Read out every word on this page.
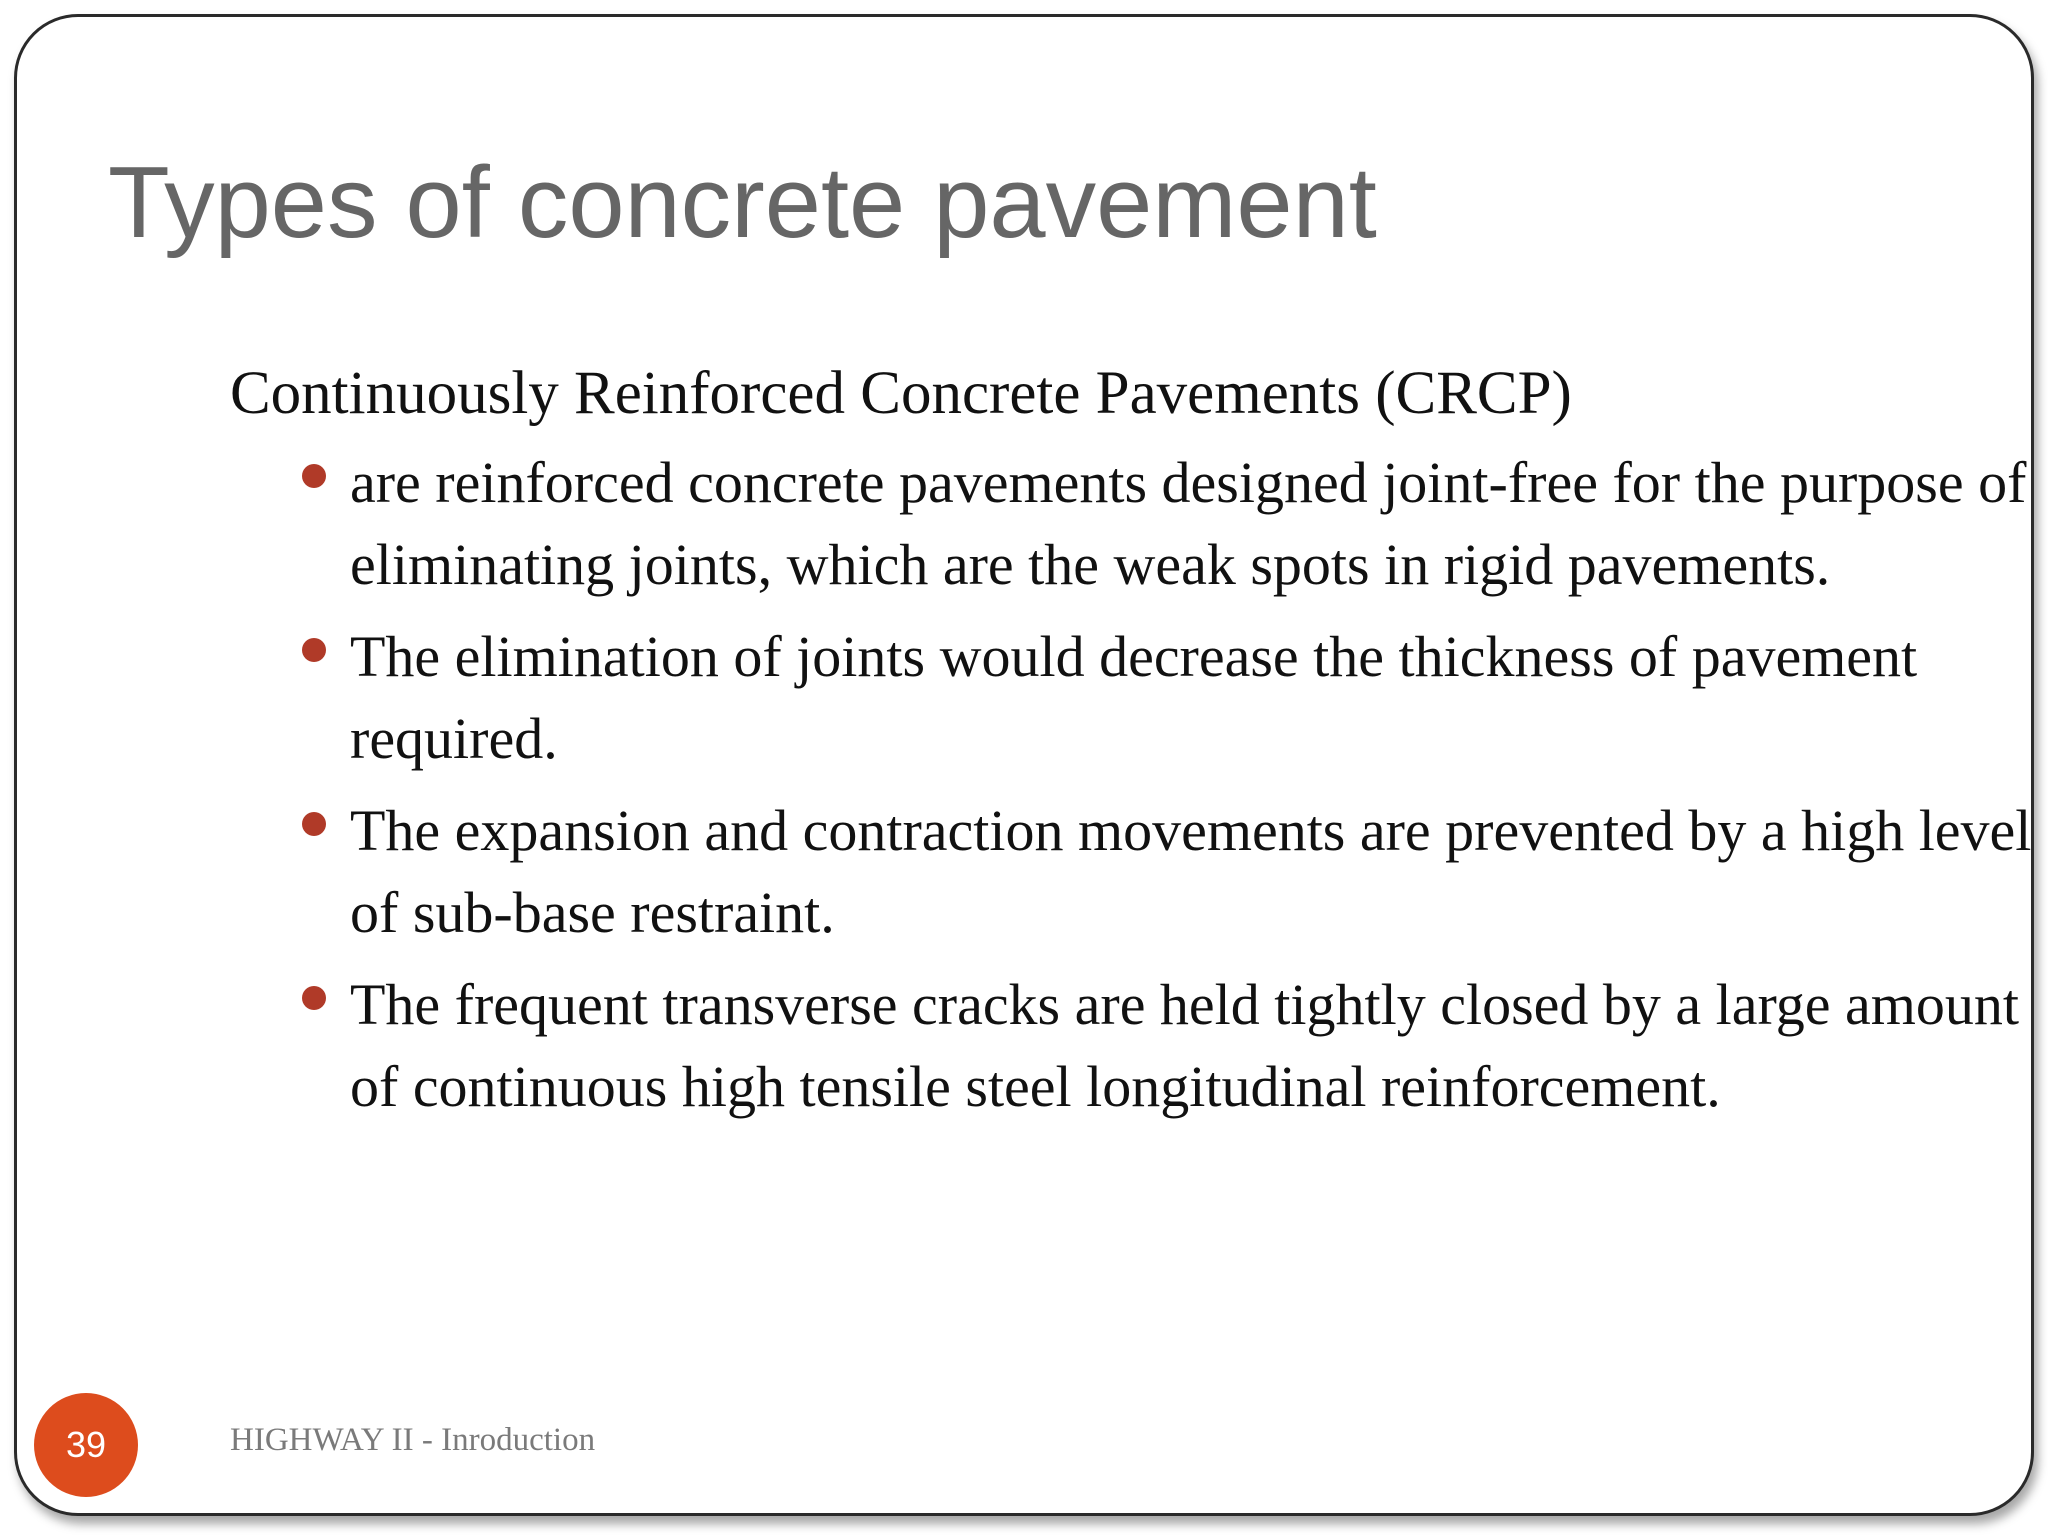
Types of concrete pavement

Continuously Reinforced Concrete Pavements (CRCP)

are reinforced concrete pavements designed joint-free for the purpose of eliminating joints, which are the weak spots in rigid pavements.
The elimination of joints would decrease the thickness of pavement required.
The expansion and contraction movements are prevented by a high level of sub-base restraint.
The frequent transverse cracks are held tightly closed by a large amount of continuous high tensile steel longitudinal reinforcement.
39	HIGHWAY II - Inroduction
